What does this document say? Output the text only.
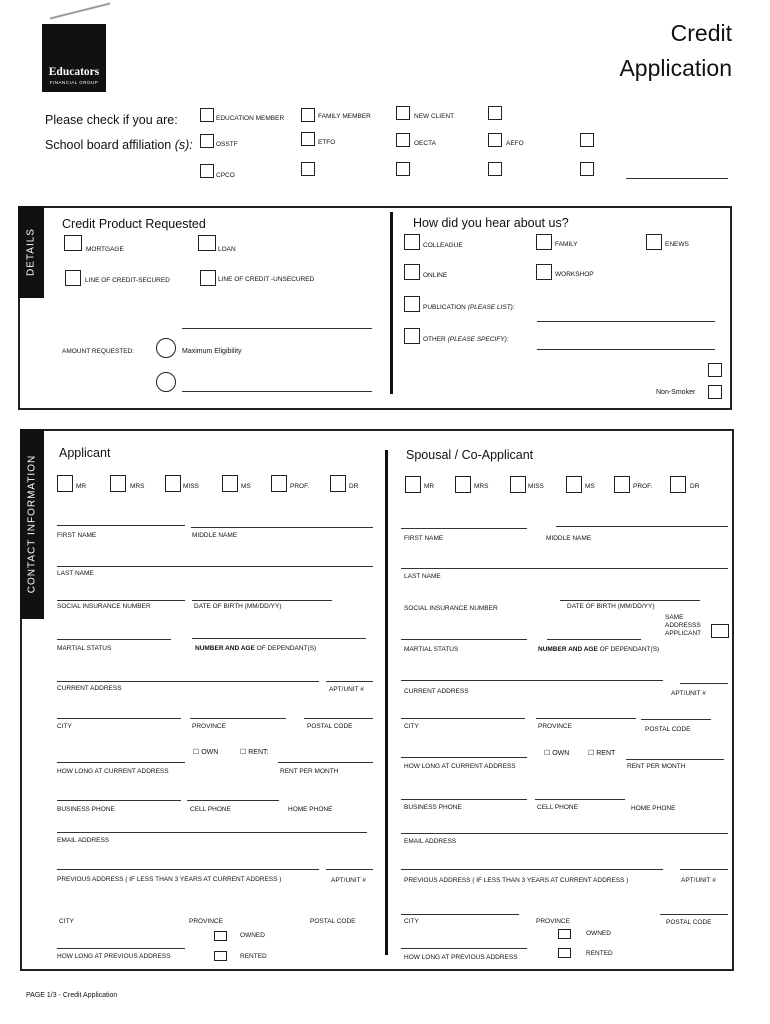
Educators
FINANCIAL GROUP
Credit
Application
Please check if you are:	EDUCATION MEMBER	FAMILY MEMBER	NEW CLIENT
School board affiliation (s):	OSSTF	ETFO	OECTA	AEFO
CPCO
DETAILS
Credit Product Requested
MORTGAGE	LOAN
LINE OF CREDIT-SECURED	LINE OF CREDIT -UNSECURED
AMOUNT REQUESTED:	Maximum Eligibility
How did you hear about us?
COLLEAGUE	FAMILY	ENEWS
ONLINE	WORKSHOP
PUBLICATION (PLEASE LIST):
OTHER (PLEASE SPECIFY):
Non-Smoker
CONTACT INFORMATION
Applicant
MR	MRS	MISS	MS	PROF.	DR
FIRST NAME	MIDDLE NAME
LAST NAME
SOCIAL INSURANCE NUMBER	DATE OF BIRTH (MM/DD/YY)
MARTIAL STATUS	NUMBER AND AGE OF DEPENDANT(S)
CURRENT ADDRESS	APT/UNIT #
CITY	PROVINCE	POSTAL CODE
☐ OWN	☐ RENT:
HOW LONG AT CURRENT ADDRESS	RENT PER MONTH
BUSINESS PHONE	CELL PHONE	HOME PHONE
EMAIL ADDRESS
PREVIOUS ADDRESS ( IF LESS THAN 3 YEARS AT CURRENT ADDRESS )	APT/UNIT #
CITY	PROVINCE	POSTAL CODE
OWNED
RENTED
HOW LONG AT PREVIOUS ADDRESS
Spousal / Co-Applicant
MR	MRS	MISS	MS	PROF.	DR
FIRST NAME	MIDDLE NAME
LAST NAME
SOCIAL INSURANCE NUMBER	DATE OF BIRTH (MM/DD/YY)
SAME ADDRESSS APPLICANT
MARTIAL STATUS	NUMBER AND AGE OF DEPENDANT(S)
CURRENT ADDRESS	APT/UNIT #
CITY	PROVINCE	POSTAL CODE
☐ OWN	☐ RENT
HOW LONG AT CURRENT ADDRESS	RENT PER MONTH
BUSINESS PHONE	CELL PHONE	HOME PHONE
EMAIL ADDRESS
PREVIOUS ADDRESS ( IF LESS THAN 3 YEARS AT CURRENT ADDRESS )	APT/UNIT #
CITY	PROVINCE	POSTAL CODE
OWNED
RENTED
HOW LONG AT PREVIOUS ADDRESS
PAGE 1/3 - Credit Application
